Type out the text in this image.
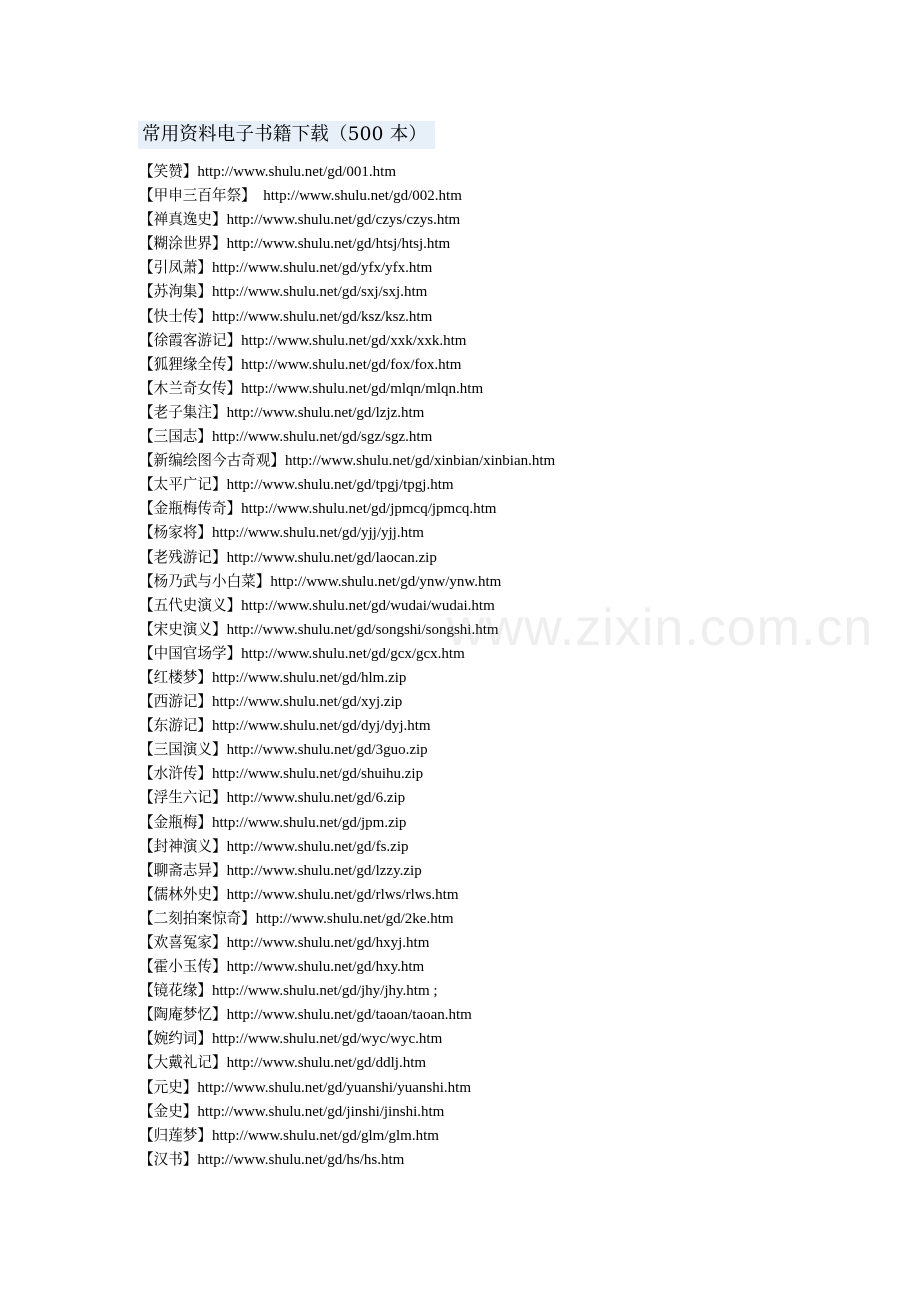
常用资料电子书籍下载（500 本）
【笑赞】http://www.shulu.net/gd/001.htm
【甲申三百年祭】  http://www.shulu.net/gd/002.htm
【禅真逸史】http://www.shulu.net/gd/czys/czys.htm
【糊涂世界】http://www.shulu.net/gd/htsj/htsj.htm
【引凤萧】http://www.shulu.net/gd/yfx/yfx.htm
【苏洵集】http://www.shulu.net/gd/sxj/sxj.htm
【快士传】http://www.shulu.net/gd/ksz/ksz.htm
【徐霞客游记】http://www.shulu.net/gd/xxk/xxk.htm
【狐狸缘全传】http://www.shulu.net/gd/fox/fox.htm
【木兰奇女传】http://www.shulu.net/gd/mlqn/mlqn.htm
【老子集注】http://www.shulu.net/gd/lzjz.htm
【三国志】http://www.shulu.net/gd/sgz/sgz.htm
【新编绘图今古奇观】http://www.shulu.net/gd/xinbian/xinbian.htm
【太平广记】http://www.shulu.net/gd/tpgj/tpgj.htm
【金瓶梅传奇】http://www.shulu.net/gd/jpmcq/jpmcq.htm
【杨家将】http://www.shulu.net/gd/yjj/yjj.htm
【老残游记】http://www.shulu.net/gd/laocan.zip
【杨乃武与小白菜】http://www.shulu.net/gd/ynw/ynw.htm
【五代史演义】http://www.shulu.net/gd/wudai/wudai.htm
【宋史演义】http://www.shulu.net/gd/songshi/songshi.htm
【中国官场学】http://www.shulu.net/gd/gcx/gcx.htm
【红楼梦】http://www.shulu.net/gd/hlm.zip
【西游记】http://www.shulu.net/gd/xyj.zip
【东游记】http://www.shulu.net/gd/dyj/dyj.htm
【三国演义】http://www.shulu.net/gd/3guo.zip
【水浒传】http://www.shulu.net/gd/shuihu.zip
【浮生六记】http://www.shulu.net/gd/6.zip
【金瓶梅】http://www.shulu.net/gd/jpm.zip
【封神演义】http://www.shulu.net/gd/fs.zip
【聊斋志异】http://www.shulu.net/gd/lzzy.zip
【儒林外史】http://www.shulu.net/gd/rlws/rlws.htm
【二刻拍案惊奇】http://www.shulu.net/gd/2ke.htm
【欢喜冤家】http://www.shulu.net/gd/hxyj.htm
【霍小玉传】http://www.shulu.net/gd/hxy.htm
【镜花缘】http://www.shulu.net/gd/jhy/jhy.htm ;
【陶庵梦忆】http://www.shulu.net/gd/taoan/taoan.htm
【婉约词】http://www.shulu.net/gd/wyc/wyc.htm
【大戴礼记】http://www.shulu.net/gd/ddlj.htm
【元史】http://www.shulu.net/gd/yuanshi/yuanshi.htm
【金史】http://www.shulu.net/gd/jinshi/jinshi.htm
【归莲梦】http://www.shulu.net/gd/glm/glm.htm
【汉书】http://www.shulu.net/gd/hs/hs.htm
www.zixin.com.cn
